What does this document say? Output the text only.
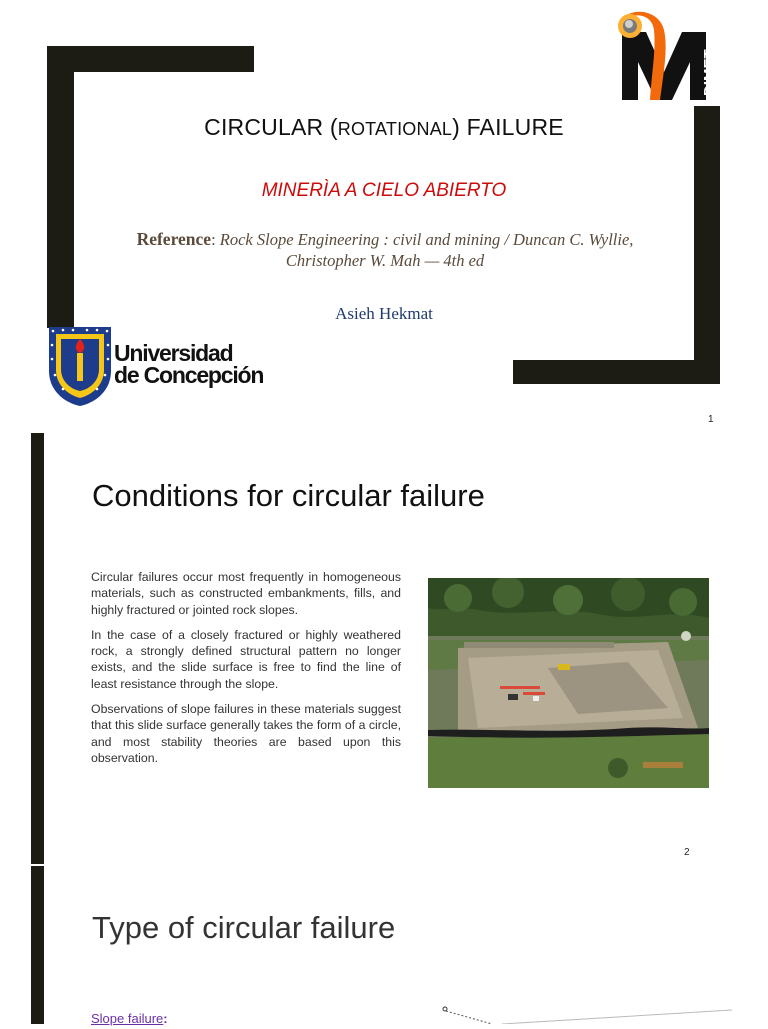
DIMET
CIRCULAR (ROTATIONAL) FAILURE
MINERÌA A CIELO ABIERTO
Reference: Rock Slope Engineering : civil and mining / Duncan C. Wyllie, Christopher W. Mah — 4th ed
Asieh Hekmat
Universidad
de Concepción
1
Conditions for circular failure

Circular failures occur most frequently in homogeneous materials, such as constructed embankments, fills, and highly fractured or jointed rock slopes.

In the case of a closely fractured or highly weathered rock, a strongly defined structural pattern no longer exists, and the slide surface is free to find the line of least resistance through the slope.

Observations of slope failures in these materials suggest that this slide surface generally takes the form of a circle, and most stability theories are based upon this observation.

2
Type of circular failure
Slope failure:
